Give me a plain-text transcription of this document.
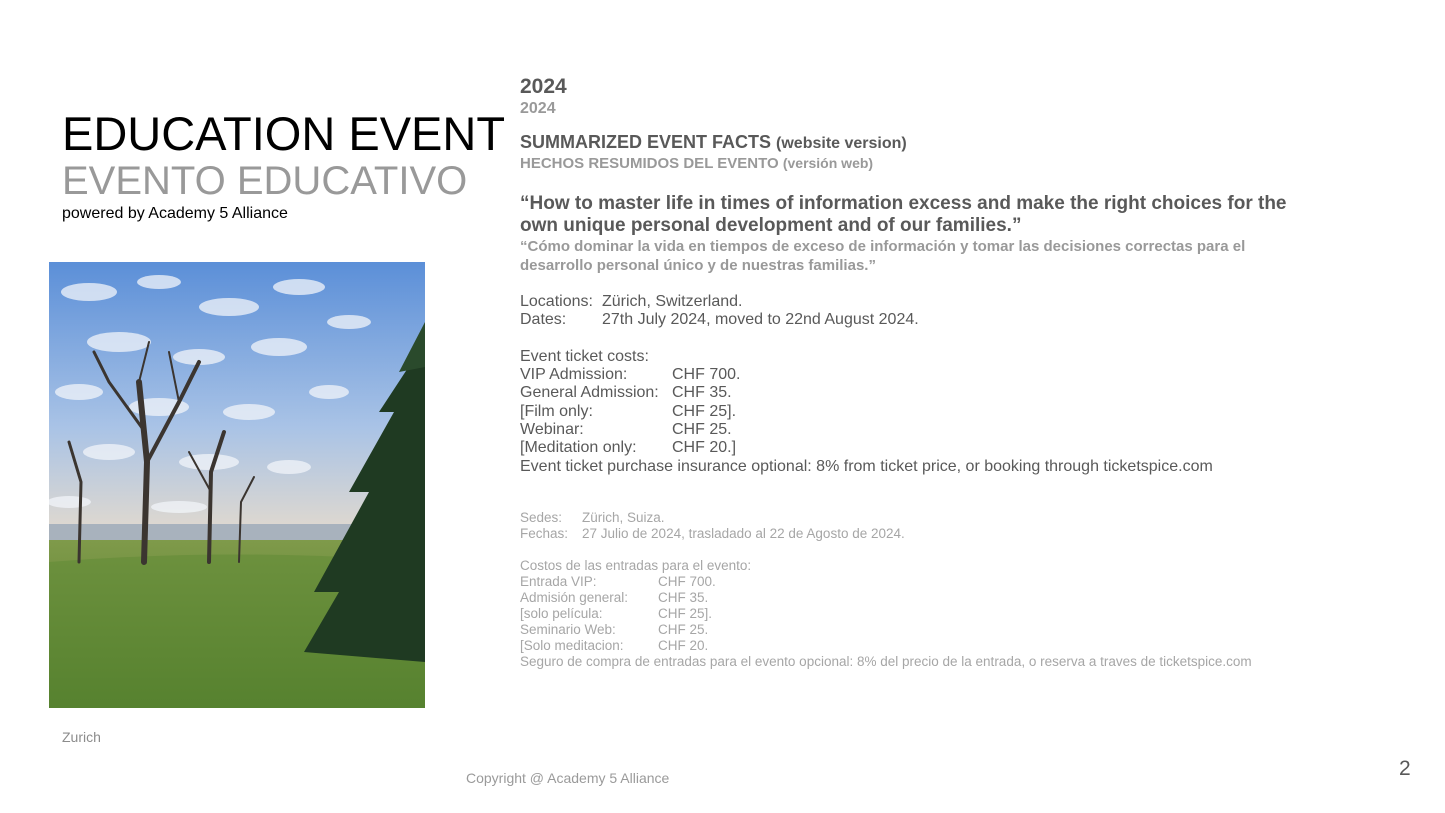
EDUCATION EVENT
EVENTO EDUCATIVO
powered by Academy 5 Alliance
Zurich
2024
2024
SUMMARIZED EVENT FACTS (website version)
HECHOS RESUMIDOS DEL EVENTO (versión web)
“How to master life in times of information excess and make the right choices for the own unique personal development and of our families.”
“Cómo dominar la vida en tiempos de exceso de información y tomar las decisiones correctas para el desarrollo personal único y de nuestras familias.”
Locations: Zürich, Switzerland.
Dates:	27th July 2024, moved to 22nd August 2024.
Event ticket costs:
VIP Admission:	CHF 700.
General Admission: CHF 35.
[Film only:	CHF 25].
Webinar:	CHF 25.
[Meditation only:	CHF 20.]
Event ticket purchase insurance optional: 8% from ticket price, or booking through ticketspice.com
Sedes:	Zürich, Suiza.
Fechas:	27 Julio de 2024, trasladado al 22 de Agosto de 2024.
Costos de las entradas para el evento:
Entrada VIP:	CHF 700.
Admisión general:	CHF 35.
[solo película:	CHF 25].
Seminario Web:	CHF 25.
[Solo meditacion:	CHF 20.
Seguro de compra de entradas para el evento opcional: 8% del precio de la entrada, o reserva a traves de ticketspice.com
Copyright @ Academy 5 Alliance	2
